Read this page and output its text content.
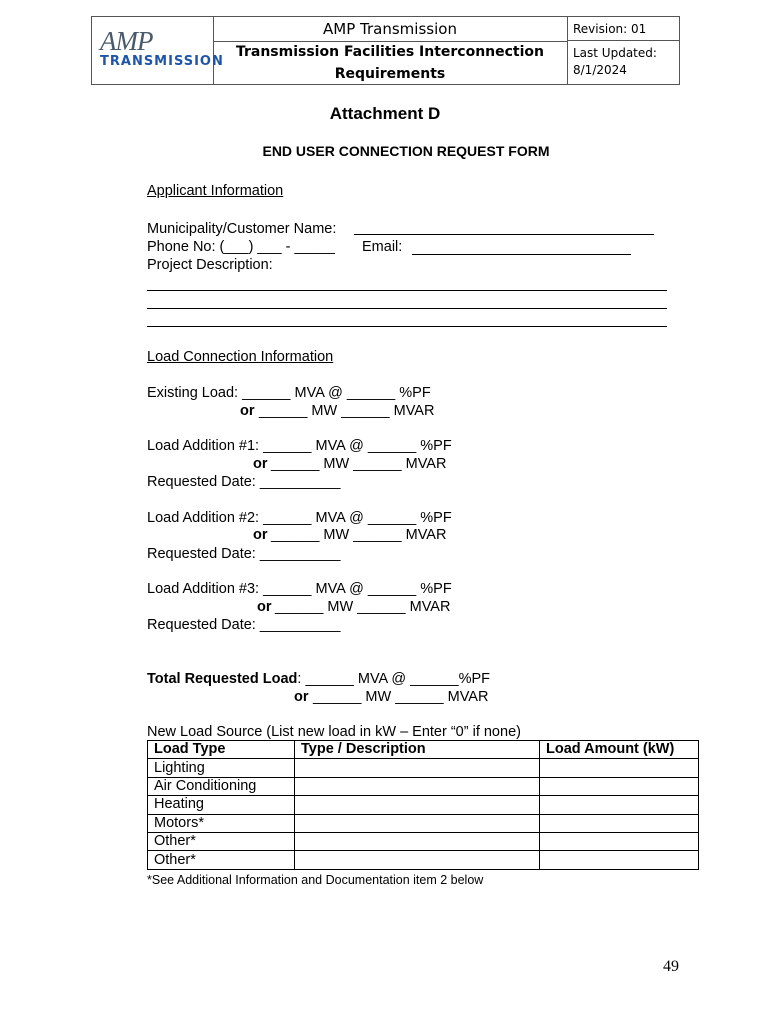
AMP
TRANSMISSION
AMP Transmission
Transmission Facilities Interconnection
Requirements
Revision: 01
Last Updated:
8/1/2024
Attachment D
END USER CONNECTION REQUEST FORM
Applicant Information
Municipality/Customer Name:
Phone No: (___) ___ - _____ Email:
Project Description:
Load Connection Information
Existing Load: ______ MVA @ ______ %PF
or ______ MW ______ MVAR
Load Addition #1: ______ MVA @ ______ %PF
or ______ MW ______ MVAR
Requested Date: __________
Load Addition #2: ______ MVA @ ______ %PF
or ______ MW ______ MVAR
Requested Date: __________
Load Addition #3: ______ MVA @ ______ %PF
or ______ MW ______ MVAR
Requested Date: __________
Total Requested Load: ______ MVA @ ______%PF
or ______ MW ______ MVAR
New Load Source (List new load in kW – Enter “0” if none)
Load Type	Type / Description	Load Amount (kW)
Lighting		
Air Conditioning		
Heating		
Motors*		
Other*		
Other*		
*See Additional Information and Documentation item 2 below
49
